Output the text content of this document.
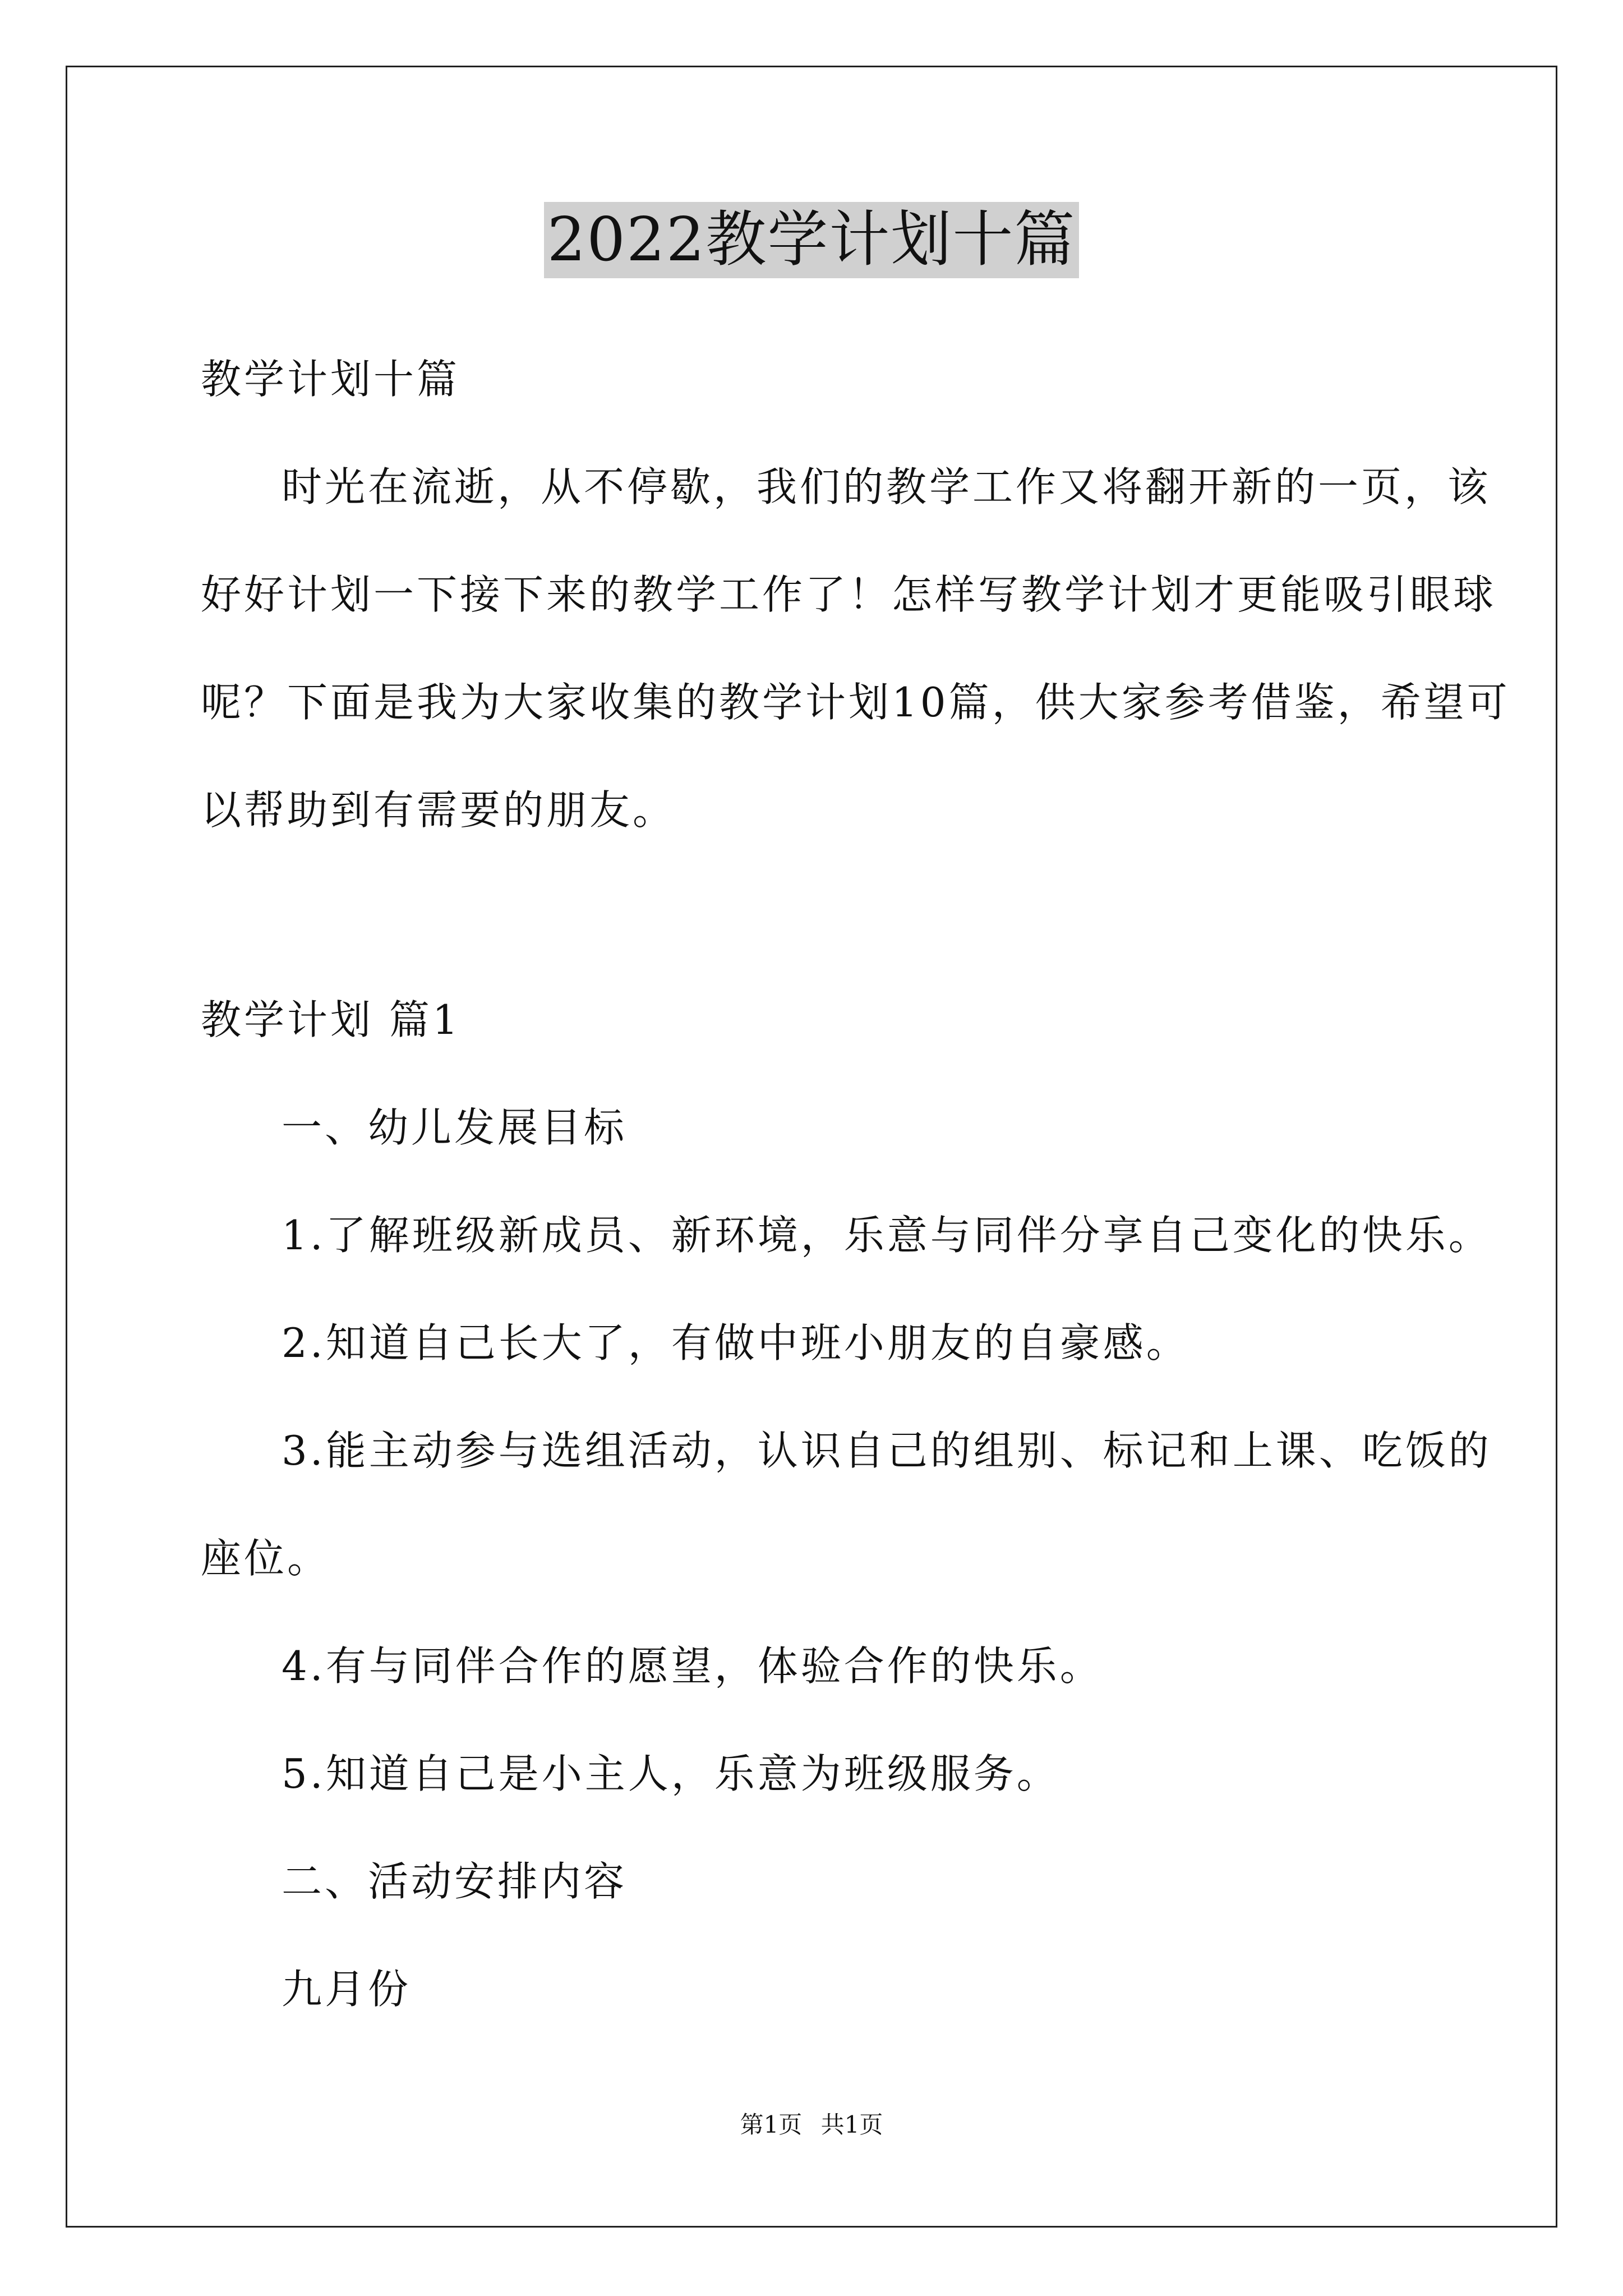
2022教学计划十篇
教学计划十篇
时光在流逝，从不停歇，我们的教学工作又将翻开新的一页，该
好好计划一下接下来的教学工作了！怎样写教学计划才更能吸引眼球
呢？下面是我为大家收集的教学计划10篇，供大家参考借鉴，希望可
以帮助到有需要的朋友。
教学计划 篇1
一、幼儿发展目标
1.了解班级新成员、新环境，乐意与同伴分享自己变化的快乐。
2.知道自己长大了，有做中班小朋友的自豪感。
3.能主动参与选组活动，认识自己的组别、标记和上课、吃饭的
座位。
4.有与同伴合作的愿望，体验合作的快乐。
5.知道自己是小主人，乐意为班级服务。
二、活动安排内容
九月份
第1页 共1页
